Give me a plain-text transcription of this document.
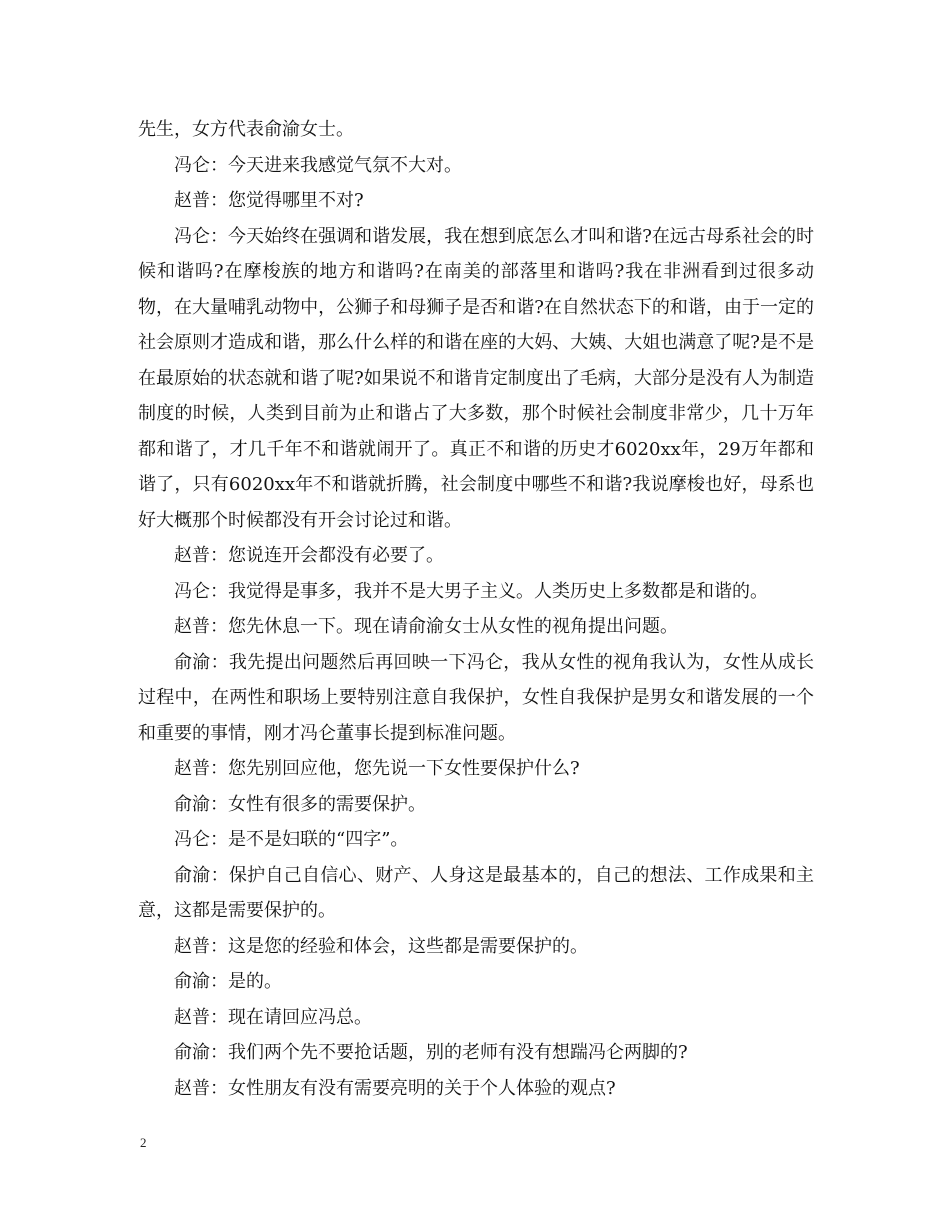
先生，女方代表俞渝女士。

冯仑：今天进来我感觉气氛不大对。

赵普：您觉得哪里不对?

冯仑：今天始终在强调和谐发展，我在想到底怎么才叫和谐?在远古母系社会的时候和谐吗?在摩梭族的地方和谐吗?在南美的部落里和谐吗?我在非洲看到过很多动物，在大量哺乳动物中，公狮子和母狮子是否和谐?在自然状态下的和谐，由于一定的社会原则才造成和谐，那么什么样的和谐在座的大妈、大姨、大姐也满意了呢?是不是在最原始的状态就和谐了呢?如果说不和谐肯定制度出了毛病，大部分是没有人为制造制度的时候，人类到目前为止和谐占了大多数，那个时候社会制度非常少，几十万年都和谐了，才几千年不和谐就闹开了。真正不和谐的历史才6020xx年，29万年都和谐了，只有6020xx年不和谐就折腾，社会制度中哪些不和谐?我说摩梭也好，母系也好大概那个时候都没有开会讨论过和谐。

赵普：您说连开会都没有必要了。

冯仑：我觉得是事多，我并不是大男子主义。人类历史上多数都是和谐的。

赵普：您先休息一下。现在请俞渝女士从女性的视角提出问题。

俞渝：我先提出问题然后再回映一下冯仑，我从女性的视角我认为，女性从成长过程中，在两性和职场上要特别注意自我保护，女性自我保护是男女和谐发展的一个和重要的事情，刚才冯仑董事长提到标准问题。

赵普：您先别回应他，您先说一下女性要保护什么?

俞渝：女性有很多的需要保护。

冯仑：是不是妇联的“四字”。

俞渝：保护自己自信心、财产、人身这是最基本的，自己的想法、工作成果和主意，这都是需要保护的。

赵普：这是您的经验和体会，这些都是需要保护的。

俞渝：是的。

赵普：现在请回应冯总。

俞渝：我们两个先不要抢话题，别的老师有没有想踹冯仑两脚的?

赵普：女性朋友有没有需要亮明的关于个人体验的观点?

2
